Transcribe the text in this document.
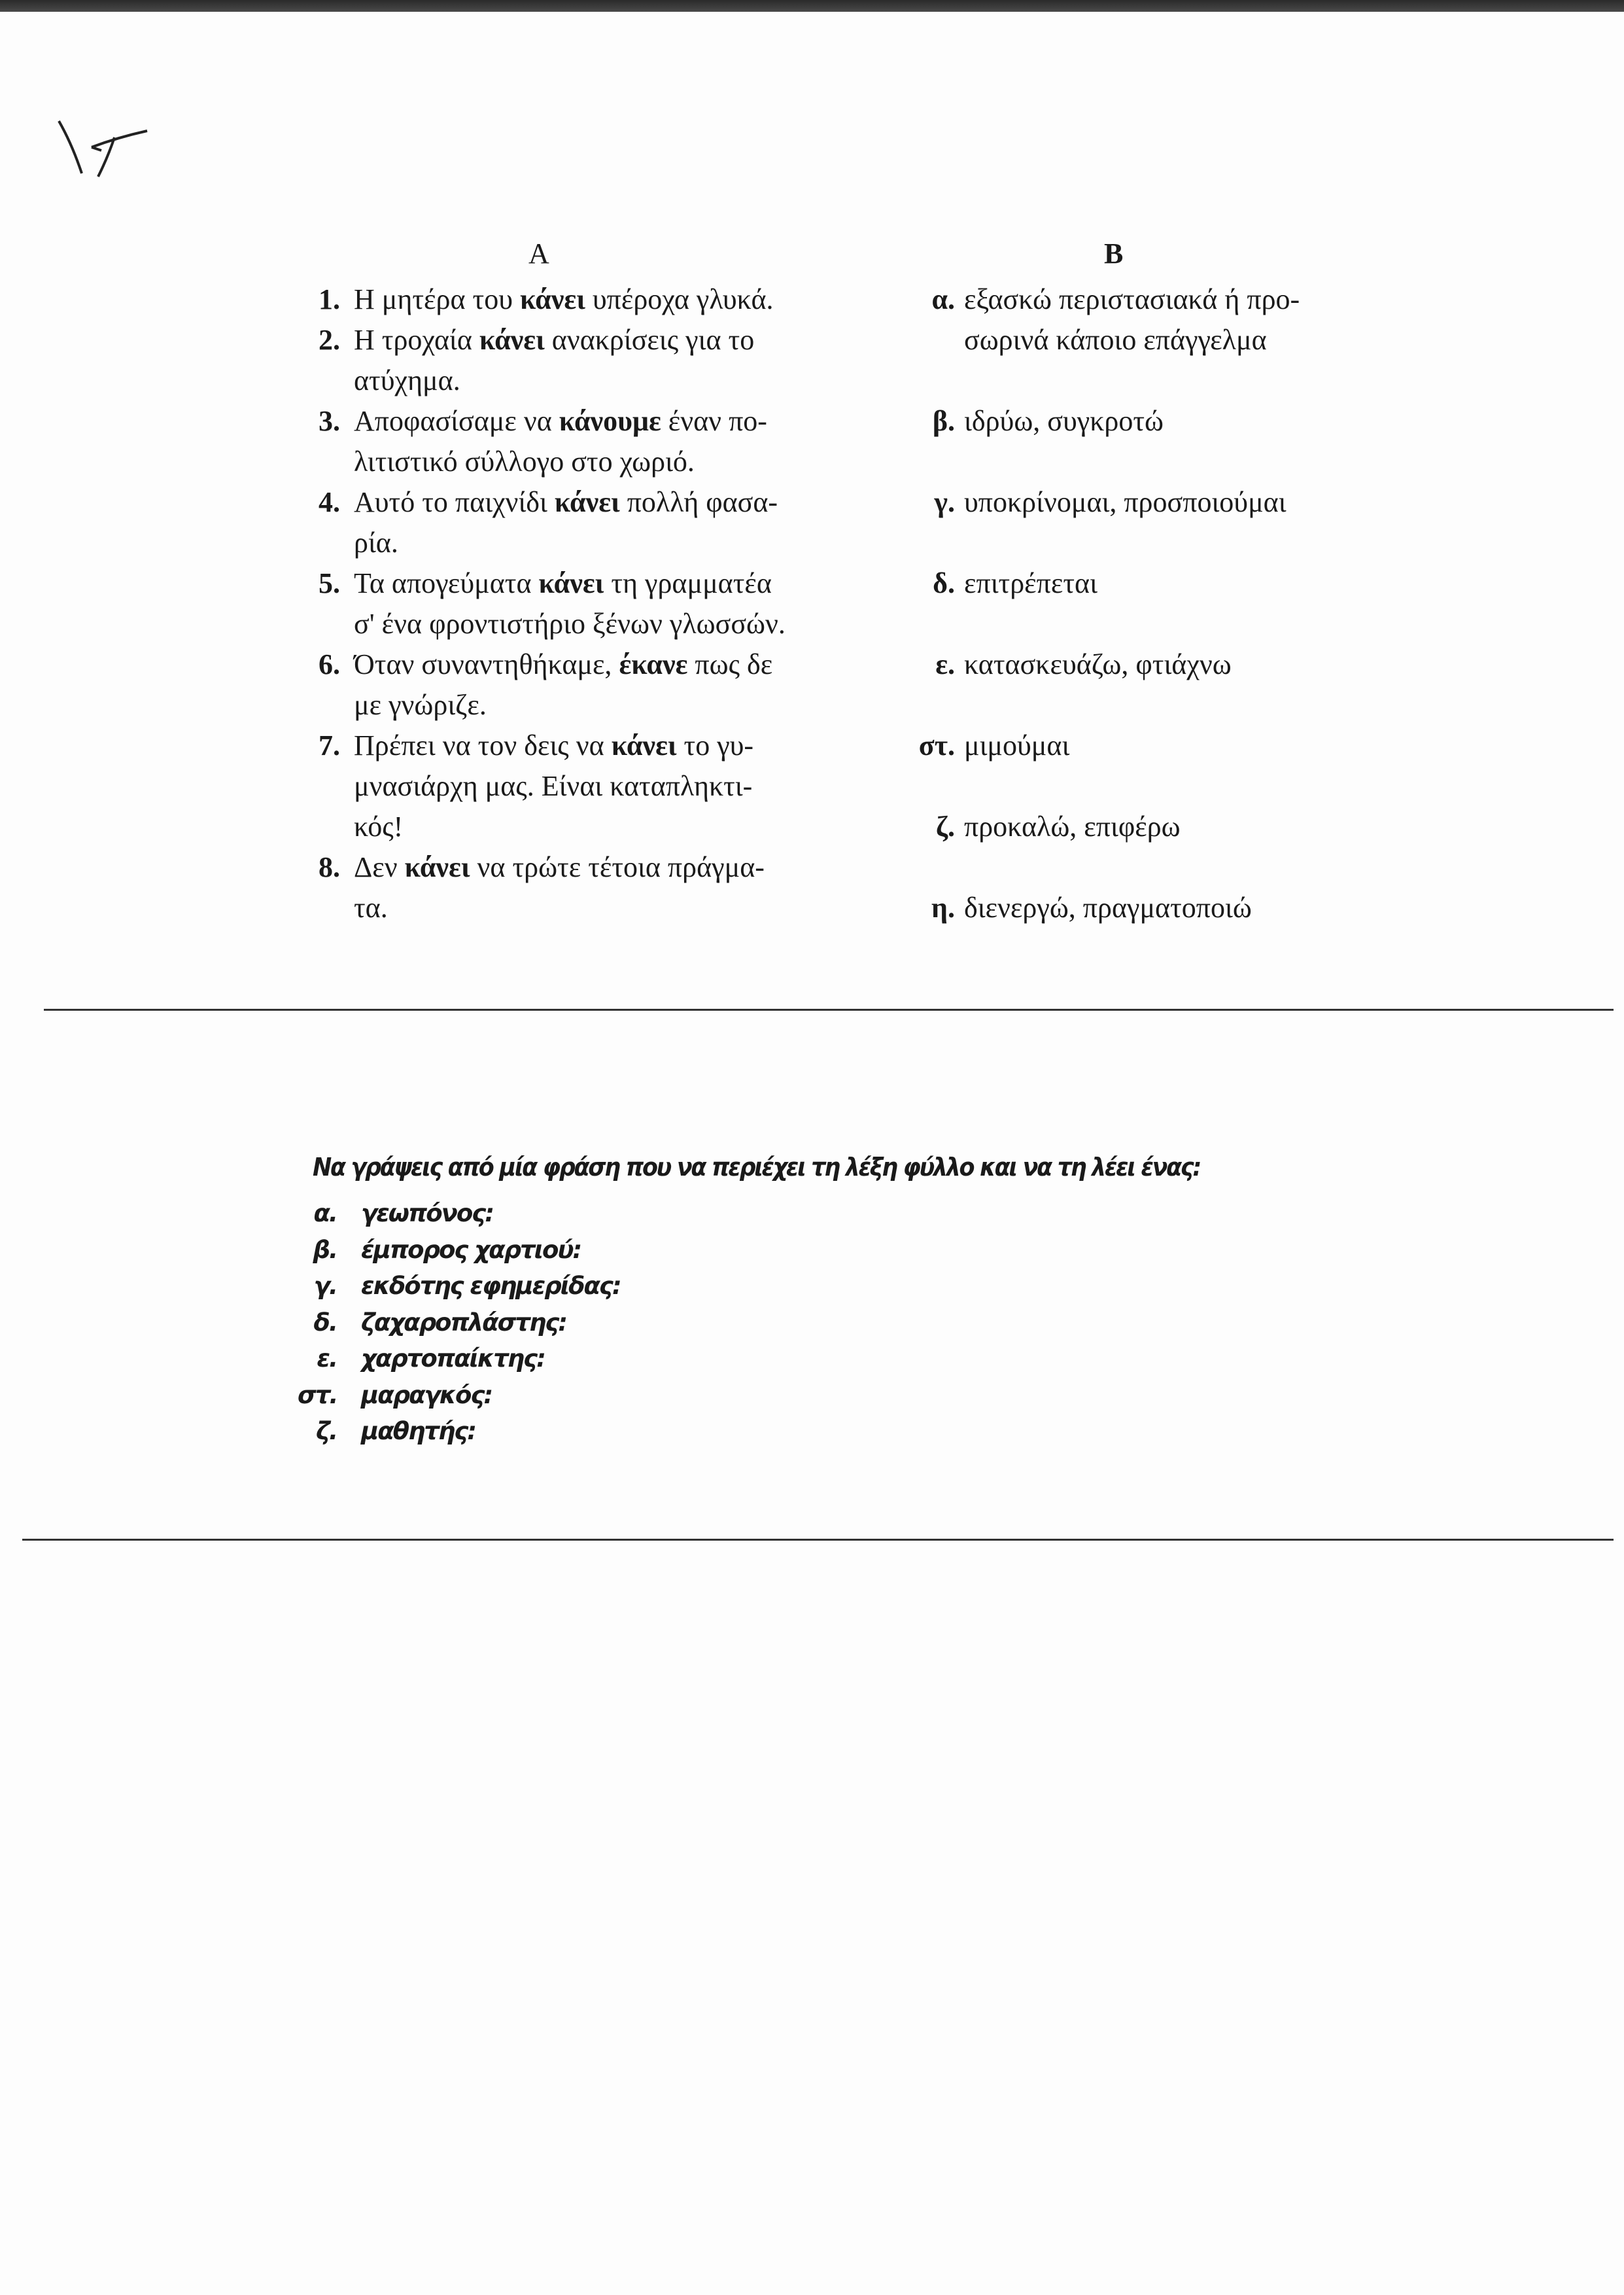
A	B
1. Η μητέρα του κάνει υπέροχα γλυκά.
2. Η τροχαία κάνει ανακρίσεις για το
ατύχημα.
3. Αποφασίσαμε να κάνουμε έναν πο-
λιτιστικό σύλλογο στο χωριό.
4. Αυτό το παιχνίδι κάνει πολλή φασα-
ρία.
5. Τα απογεύματα κάνει τη γραμματέα
σ' ένα φροντιστήριο ξένων γλωσσών.
6. Όταν συναντηθήκαμε, έκανε πως δε
με γνώριζε.
7. Πρέπει να τον δεις να κάνει το γυ-
μνασιάρχη μας. Είναι καταπληκτι-
κός!
8. Δεν κάνει να τρώτε τέτοια πράγμα-
τα.
α. εξασκώ περιστασιακά ή προ-
σωρινά κάποιο επάγγελμα
β. ιδρύω, συγκροτώ
γ. υποκρίνομαι, προσποιούμαι
δ. επιτρέπεται
ε. κατασκευάζω, φτιάχνω
στ. μιμούμαι
ζ. προκαλώ, επιφέρω
η. διενεργώ, πραγματοποιώ
Να γράψεις από μία φράση που να περιέχει τη λέξη φύλλο και να τη λέει ένας:
α. γεωπόνος:
β. έμπορος χαρτιού:
γ. εκδότης εφημερίδας:
δ. ζαχαροπλάστης:
ε. χαρτοπαίκτης:
στ. μαραγκός:
ζ. μαθητής:
